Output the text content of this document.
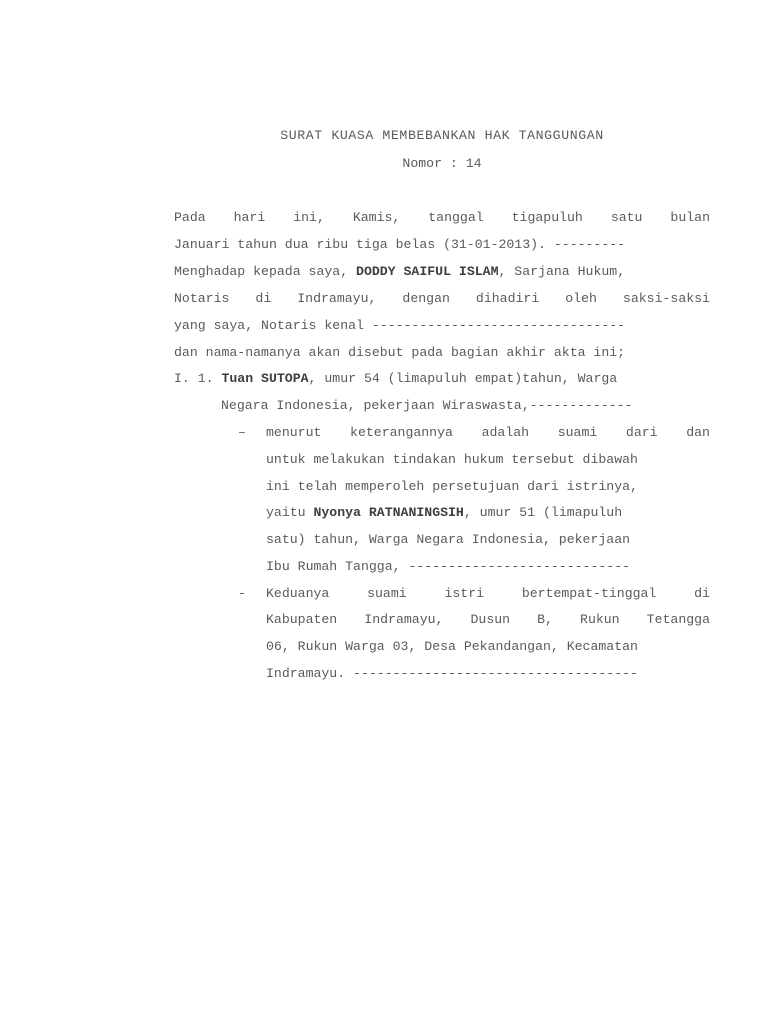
SURAT KUASA MEMBEBANKAN HAK TANGGUNGAN
Nomor : 14
Pada hari ini, Kamis, tanggal tigapuluh satu bulan
Januari tahun dua ribu tiga belas (31-01-2013). ---------
Menghadap kepada saya, DODDY SAIFUL ISLAM, Sarjana Hukum,
Notaris di Indramayu, dengan dihadiri oleh saksi-saksi
yang saya, Notaris kenal --------------------------------
dan nama-namanya akan disebut pada bagian akhir akta ini;
I. 1. Tuan SUTOPA, umur 54 (limapuluh empat)tahun, Warga
Negara Indonesia, pekerjaan Wiraswasta,-------------
– menurut keterangannya adalah suami dari dan
untuk melakukan tindakan hukum tersebut dibawah
ini telah memperoleh persetujuan dari istrinya,
yaitu Nyonya RATNANINGSIH, umur 51 (limapuluh
satu) tahun, Warga Negara Indonesia, pekerjaan
Ibu Rumah Tangga, ----------------------------
- Keduanya	suami	istri	bertempat-tinggal	di
Kabupaten Indramayu, Dusun B, Rukun Tetangga
06, Rukun Warga 03, Desa Pekandangan, Kecamatan
Indramayu. ------------------------------------
